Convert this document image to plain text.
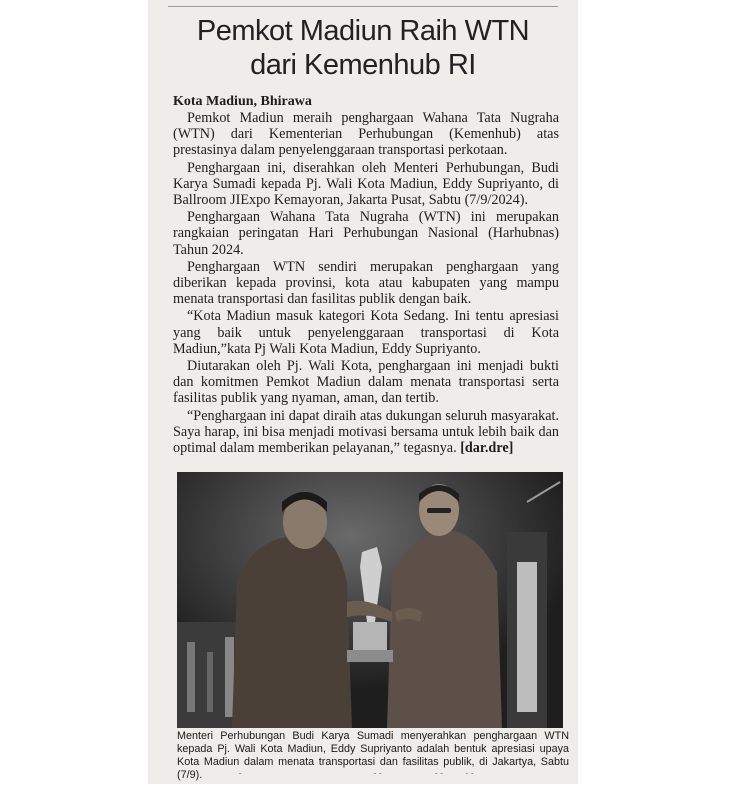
Pemkot Madiun Raih WTN
dari Kemenhub RI
Kota Madiun, Bhirawa

Pemkot Madiun meraih penghargaan Wahana Tata Nugraha (WTN) dari Kementerian Perhubungan (Kemenhub) atas prestasinya dalam penyelenggaraan transportasi perkotaan.

Penghargaan ini, diserahkan oleh Menteri Perhubungan, Budi Karya Sumadi kepada Pj. Wali Kota Madiun, Eddy Supriyanto, di Ballroom JIExpo Kemayoran, Jakarta Pusat, Sabtu (7/9/2024).

Penghargaan Wahana Tata Nugraha (WTN) ini merupakan rangkaian peringatan Hari Perhubungan Nasional (Harhubnas) Tahun 2024.

Penghargaan WTN sendiri merupakan penghargaan yang diberikan kepada provinsi, kota atau kabupaten yang mampu menata transportasi dan fasilitas publik dengan baik.

“Kota Madiun masuk kategori Kota Sedang. Ini tentu apresiasi yang baik untuk penyelenggaraan transportasi di Kota Madiun,”kata Pj Wali Kota Madiun, Eddy Supriyanto.

Diutarakan oleh Pj. Wali Kota, penghargaan ini menjadi bukti dan komitmen Pemkot Madiun dalam menata transportasi serta fasilitas publik yang nyaman, aman, dan tertib.

“Penghargaan ini dapat diraih atas dukungan seluruh masyarakat. Saya harap, ini bisa menjadi motivasi bersama untuk lebih baik dan optimal dalam memberikan pelayanan,” tegasnya. [dar.dre]

Menteri Perhubungan Budi Karya Sumadi menyerahkan penghargaan WTN kepada Pj. Wali Kota Madiun, Eddy Supriyanto adalah bentuk apresiasi upaya Kota Madiun dalam menata transportasi dan fasilitas publik, di Jakartya, Sabtu (7/9).
